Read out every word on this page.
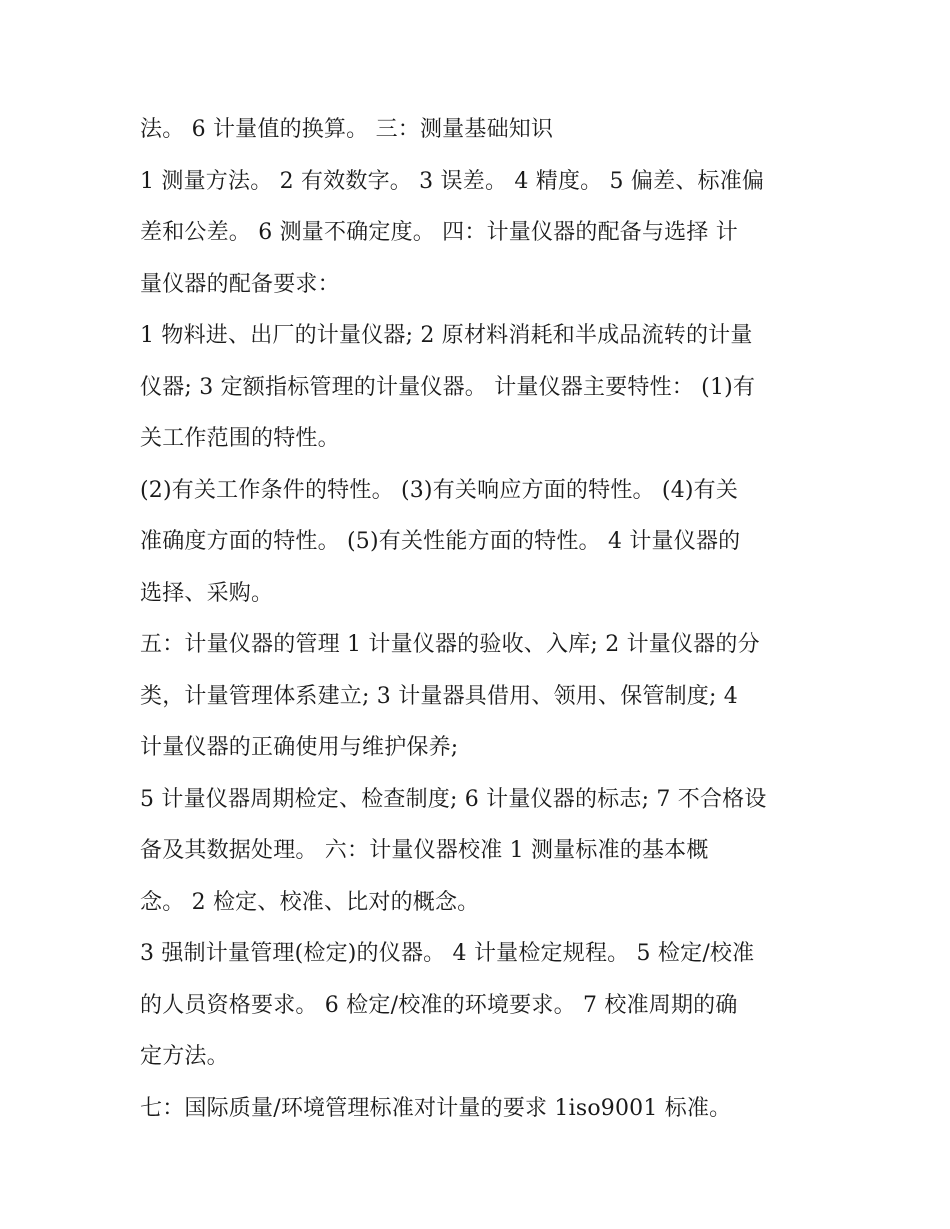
法。 6 计量值的换算。 三：测量基础知识
1 测量方法。 2 有效数字。 3 误差。 4 精度。 5 偏差、标准偏
差和公差。 6 测量不确定度。 四：计量仪器的配备与选择 计
量仪器的配备要求：
1 物料进、出厂的计量仪器; 2 原材料消耗和半成品流转的计量
仪器; 3 定额指标管理的计量仪器。 计量仪器主要特性： (1)有
关工作范围的特性。
(2)有关工作条件的特性。 (3)有关响应方面的特性。 (4)有关
准确度方面的特性。 (5)有关性能方面的特性。 4 计量仪器的
选择、采购。
五：计量仪器的管理 1 计量仪器的验收、入库; 2 计量仪器的分
类，计量管理体系建立; 3 计量器具借用、领用、保管制度; 4
计量仪器的正确使用与维护保养;
5 计量仪器周期检定、检查制度; 6 计量仪器的标志; 7 不合格设
备及其数据处理。 六：计量仪器校准 1 测量标准的基本概
念。 2 检定、校准、比对的概念。
3 强制计量管理(检定)的仪器。 4 计量检定规程。 5 检定/校准
的人员资格要求。 6 检定/校准的环境要求。 7 校准周期的确
定方法。
七：国际质量/环境管理标准对计量的要求 1iso9001 标准。
